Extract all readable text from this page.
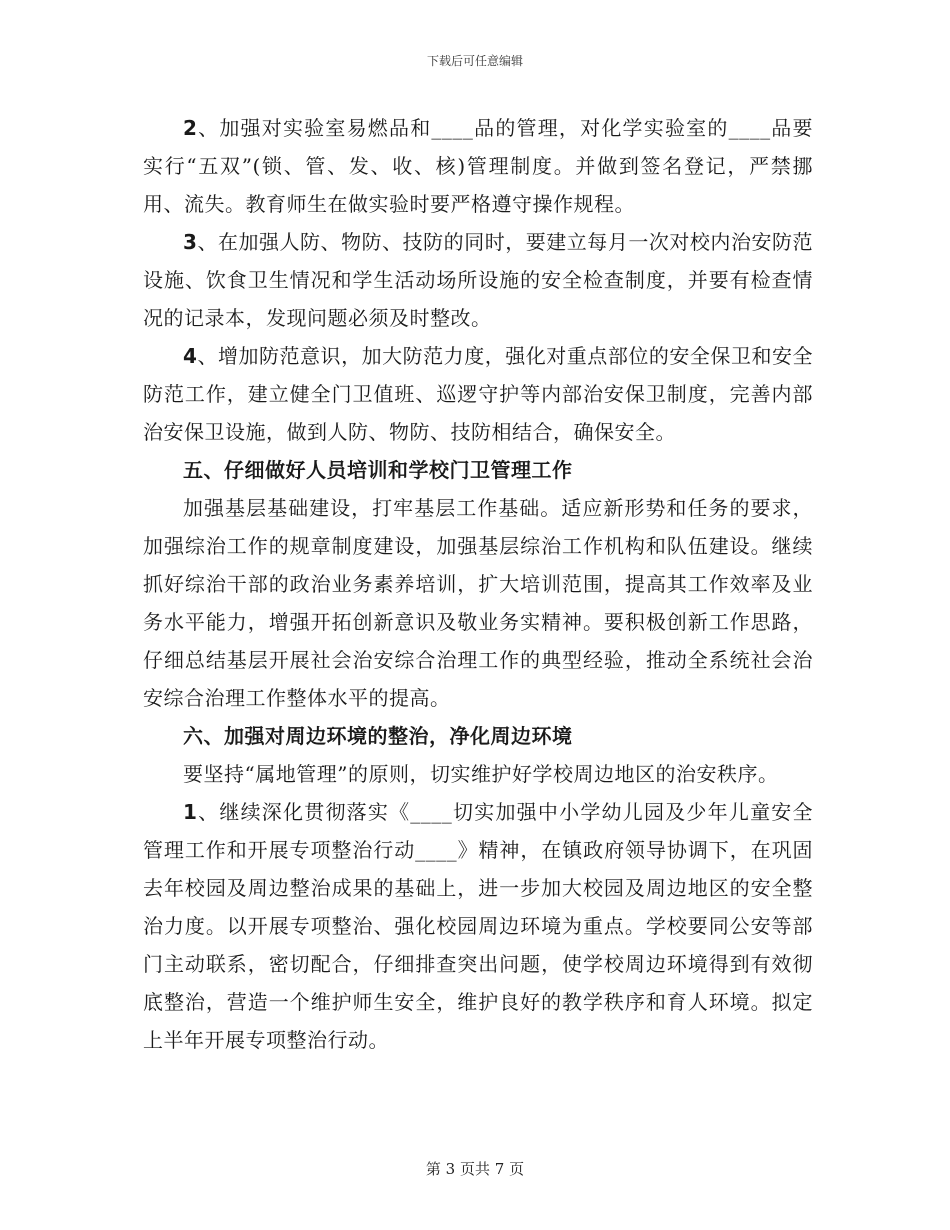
下载后可任意编辑

2、加强对实验室易燃品和____品的管理，对化学实验室的____品要实行“五双”(锁、管、发、收、核)管理制度。并做到签名登记，严禁挪用、流失。教育师生在做实验时要严格遵守操作规程。

3、在加强人防、物防、技防的同时，要建立每月一次对校内治安防范设施、饮食卫生情况和学生活动场所设施的安全检查制度，并要有检查情况的记录本，发现问题必须及时整改。

4、增加防范意识，加大防范力度，强化对重点部位的安全保卫和安全防范工作，建立健全门卫值班、巡逻守护等内部治安保卫制度，完善内部治安保卫设施，做到人防、物防、技防相结合，确保安全。

五、仔细做好人员培训和学校门卫管理工作

加强基层基础建设，打牢基层工作基础。适应新形势和任务的要求，加强综治工作的规章制度建设，加强基层综治工作机构和队伍建设。继续抓好综治干部的政治业务素养培训，扩大培训范围，提高其工作效率及业务水平能力，增强开拓创新意识及敬业务实精神。要积极创新工作思路，仔细总结基层开展社会治安综合治理工作的典型经验，推动全系统社会治安综合治理工作整体水平的提高。

六、加强对周边环境的整治，净化周边环境

要坚持“属地管理”的原则，切实维护好学校周边地区的治安秩序。

1、继续深化贯彻落实《____切实加强中小学幼儿园及少年儿童安全管理工作和开展专项整治行动____》精神，在镇政府领导协调下，在巩固去年校园及周边整治成果的基础上，进一步加大校园及周边地区的安全整治力度。以开展专项整治、强化校园周边环境为重点。学校要同公安等部门主动联系，密切配合，仔细排查突出问题，使学校周边环境得到有效彻底整治，营造一个维护师生安全，维护良好的教学秩序和育人环境。拟定上半年开展专项整治行动。

第 3 页共 7 页
